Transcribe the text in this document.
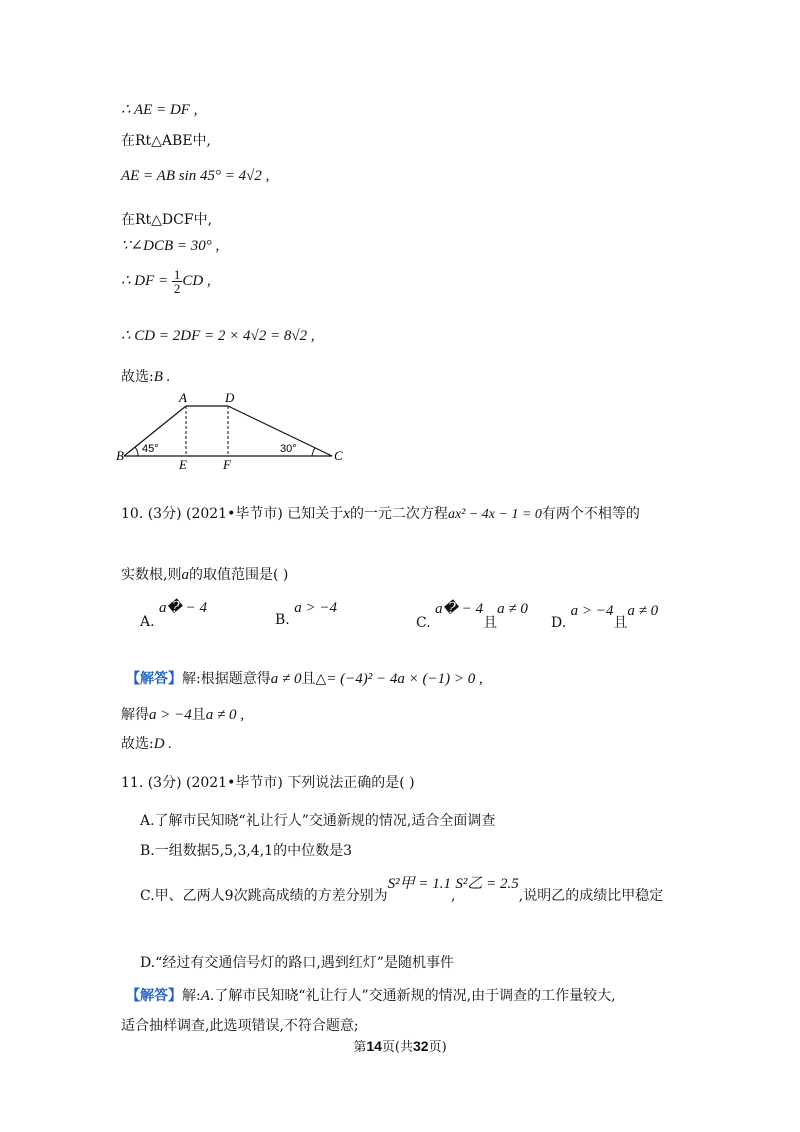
∴ AE = DF ,
在Rt△ABE中,
AE = AB sin 45° = 4√2 ,
在Rt△DCF中,
∵∠DCB = 30° ,
∴ DF = $\frac{1}{2}$ CD ,
∴ CD = 2DF = 2 × 4√2 = 8√2 ,
故选:B .
A	D
B	C
E	F
45°	30°
10. (3分) (2021•毕节市) 已知关于x的一元二次方程ax² − 4x − 1 = 0有两个不相等的
实数根,则a的取值范围是( )
A. a� − 4
B. a > −4
C. a� − 4且a ≠ 0
D. a > −4且a ≠ 0
【解答】解:根据题意得a ≠ 0且△= (−4)² − 4a × (−1) > 0 ,
解得a > −4且a ≠ 0 ,
故选:D .
11. (3分) (2021•毕节市) 下列说法正确的是( )
A.了解市民知晓“礼让行人”交通新规的情况,适合全面调查
B.一组数据5,5,3,4,1的中位数是3
C.甲、乙两人9次跳高成绩的方差分别为S²甲 = 1.1,S²乙 = 2.5,说明乙的成绩比甲稳定
D.“经过有交通信号灯的路口,遇到红灯”是随机事件
【解答】解:A.了解市民知晓“礼让行人”交通新规的情况,由于调查的工作量较大,
适合抽样调查,此选项错误,不符合题意;
第14页(共32页)
